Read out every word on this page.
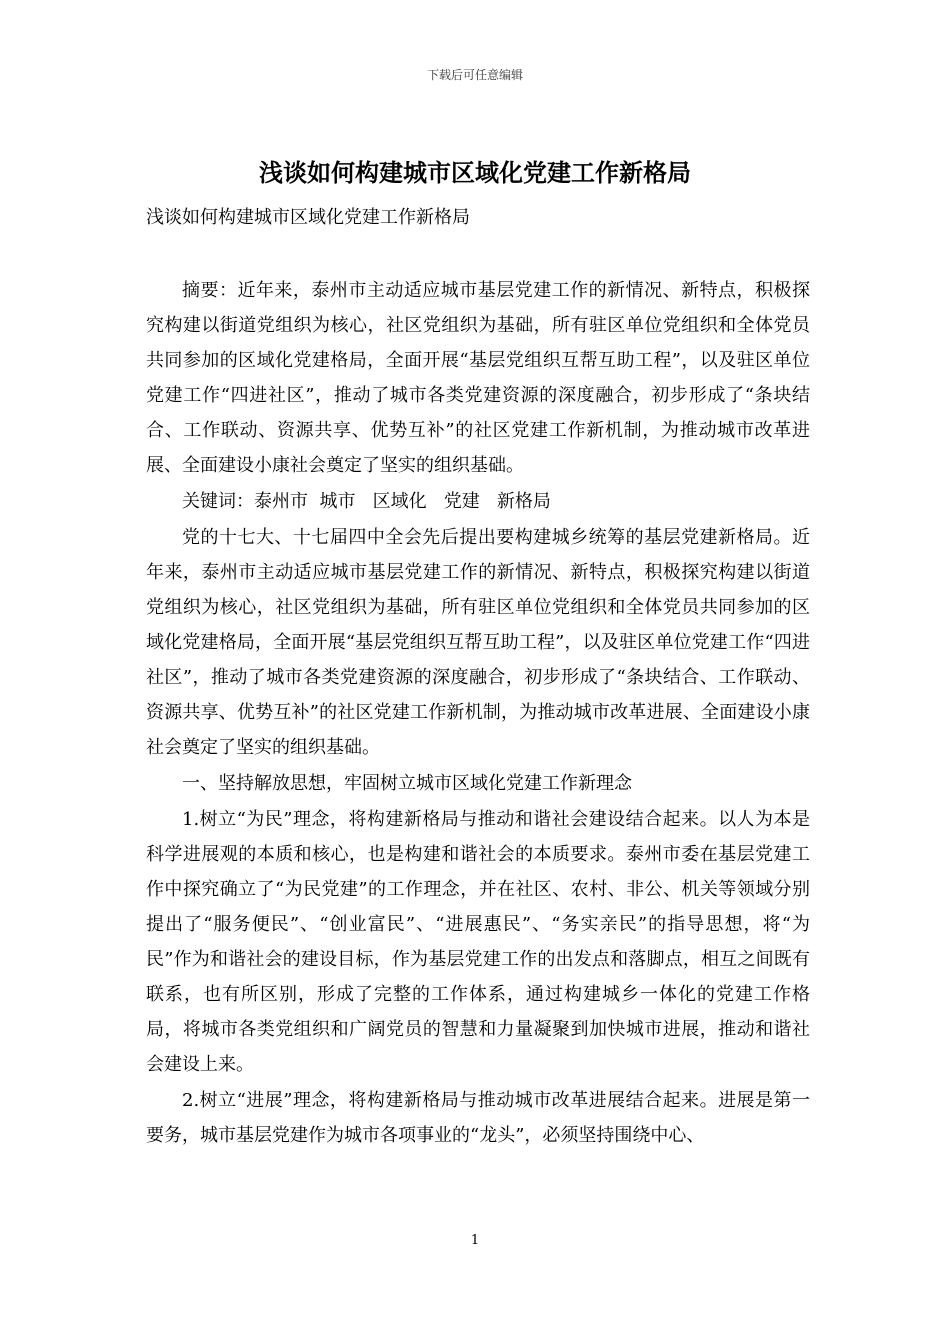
下载后可任意编辑
浅谈如何构建城市区域化党建工作新格局

浅谈如何构建城市区域化党建工作新格局

摘要：近年来，泰州市主动适应城市基层党建工作的新情况、新特点，积极探究构建以街道党组织为核心，社区党组织为基础，所有驻区单位党组织和全体党员共同参加的区域化党建格局，全面开展“基层党组织互帮互助工程”，以及驻区单位党建工作“四进社区”，推动了城市各类党建资源的深度融合，初步形成了“条块结合、工作联动、资源共享、优势互补”的社区党建工作新机制，为推动城市改革进展、全面建设小康社会奠定了坚实的组织基础。

关键词：泰州市  城市   区域化   党建   新格局

党的十七大、十七届四中全会先后提出要构建城乡统筹的基层党建新格局。近年来，泰州市主动适应城市基层党建工作的新情况、新特点，积极探究构建以街道党组织为核心，社区党组织为基础，所有驻区单位党组织和全体党员共同参加的区域化党建格局，全面开展“基层党组织互帮互助工程”，以及驻区单位党建工作“四进社区”，推动了城市各类党建资源的深度融合，初步形成了“条块结合、工作联动、资源共享、优势互补”的社区党建工作新机制，为推动城市改革进展、全面建设小康社会奠定了坚实的组织基础。

一、坚持解放思想，牢固树立城市区域化党建工作新理念

1.树立“为民”理念，将构建新格局与推动和谐社会建设结合起来。以人为本是科学进展观的本质和核心，也是构建和谐社会的本质要求。泰州市委在基层党建工作中探究确立了“为民党建”的工作理念，并在社区、农村、非公、机关等领域分别提出了“服务便民”、“创业富民”、“进展惠民”、“务实亲民”的指导思想，将“为民”作为和谐社会的建设目标，作为基层党建工作的出发点和落脚点，相互之间既有联系，也有所区别，形成了完整的工作体系，通过构建城乡一体化的党建工作格局，将城市各类党组织和广阔党员的智慧和力量凝聚到加快城市进展，推动和谐社会建设上来。

2.树立“进展”理念，将构建新格局与推动城市改革进展结合起来。进展是第一要务，城市基层党建作为城市各项事业的“龙头”，必须坚持围绕中心、

1
